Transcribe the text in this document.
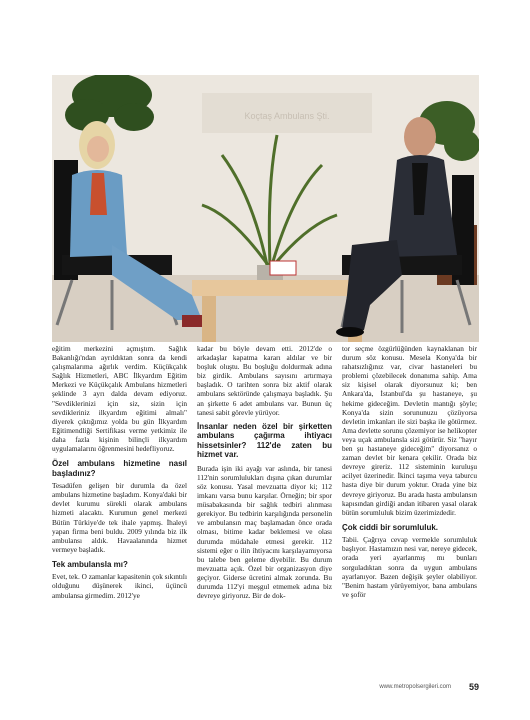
Koçtaş Ambulans Şti.

eğitim merkezini açmıştım. Sağlık Bakanlığı'ndan ayrıldıktan sonra da kendi çalışmalarıma ağırlık verdim. Küçükçalık Sağlık Hizmetleri, ABC İlkyardım Eğitim Merkezi ve Küçükçalık Ambulans hizmetleri şeklinde 3 ayrı dalda devam ediyoruz. "Sevdiklerinizi için siz, sizin için sevdikleriniz ilkyardım eğitimi almalı" diyerek çıktığımız yolda bu gün İlkyardım Eğitimendliği Sertifikası verme yetkimiz ile daha fazla kişinin bilinçli ilkyardım uygulamalarını öğrenmesini hedefliyoruz.

Özel ambulans hizmetine nasıl başladınız?

Tesadüfen gelişen bir durumla da özel ambulans hizmetine başladım. Konya'daki bir devlet kurumu sürekli olarak ambulans hizmeti alacaktı. Kurumun genel merkezi Bütün Türkiye'de tek ihale yapmış. İhaleyi yapan firma beni buldu. 2009 yılında biz ilk ambulansı aldık. Havaalanında hizmet vermeye başladık.

Tek ambulansla mı?

Evet, tek. O zamanlar kapasitenin çok sıkıntılı olduğunu düşünerek ikinci, üçüncü ambulansa girmedim. 2012'ye

kadar bu böyle devam etti. 2012'de o arkadaşlar kapatma kararı aldılar ve bir boşluk oluştu. Bu boşluğu doldurmak adına biz girdik. Ambulans sayısını artırmaya başladık. O tarihten sonra biz aktif olarak ambulans sektöründe çalışmaya başladık. Şu an şirkette 6 adet ambulans var. Bunun üç tanesi sabit görevle yürüyor.

İnsanlar neden özel bir şirketten ambulans çağırma ihtiyacı hissetsinler? 112'de zaten bu hizmet var.

Burada işin iki ayağı var aslında, bir tanesi 112'nin sorumlulukları dışına çıkan durumlar söz konusu. Yasal mevzuatta diyor ki; 112 imkanı varsa bunu karşılar. Örneğin; bir spor müsabakasında bir sağlık tedbiri alınması gerekiyor. Bu tedbirin karşılığında personelin ve ambulansın maç başlamadan önce orada olması, bitime kadar beklemesi ve olası durumda müdahale etmesi gerekir. 112 sistemi eğer o ilin ihtiyacını karşılayamıyorsa bu talebe ben geleme diyebilir. Bu durum mevzuatta açık. Özel bir organizasyon diye geçiyor. Giderse ücretini almak zorunda. Bu durumda 112'yi meşgul etmemek adına biz devreye giriyoruz. Bir de dok-

tor seçme özgürlüğünden kaynaklanan bir durum söz konusu. Mesela Konya'da bir rahatsızlığınız var, civar hastaneleri bu problemi çözebilecek donanıma sahip. Ama siz kişisel olarak diyorsunuz ki; ben Ankara'da, İstanbul'da şu hastaneye, şu hekime gideceğim. Devletin mantığı şöyle; Konya'da sizin sorununuzu çözüyorsa devletin imkanları ile sizi başka ile götürmez. Ama devlette sorunu çözemiyor ise helikopter veya uçak ambulansla sizi götürür. Siz "hayır ben şu hastaneye gideceğim" diyorsanız o zaman devlet bir kenara çekilir. Orada biz devreye gireriz. 112 sisteminin kuruluşu acilyet üzerinedir. İkinci taşıma veya taburcu hasta diye bir durum yoktur. Orada yine biz devreye giriyoruz. Bu arada hasta ambulansın kapısından girdiği andan itibaren yasal olarak bütün sorumluluk bizim üzerimizdedir.

Çok ciddi bir sorumluluk.

Tabii. Çağrıya cevap vermekle sorumluluk başlıyor. Hastamızın nesi var, nereye gidecek, orada yeri ayarlanmış mı bunları sorguladıktan sonra da uygun ambulans ayarlanıyor. Bazen değişik şeyler olabiliyor. "Benim hastam yürüyemiyor, bana ambulans ve şoför

www.metropolsergileri.com 59
